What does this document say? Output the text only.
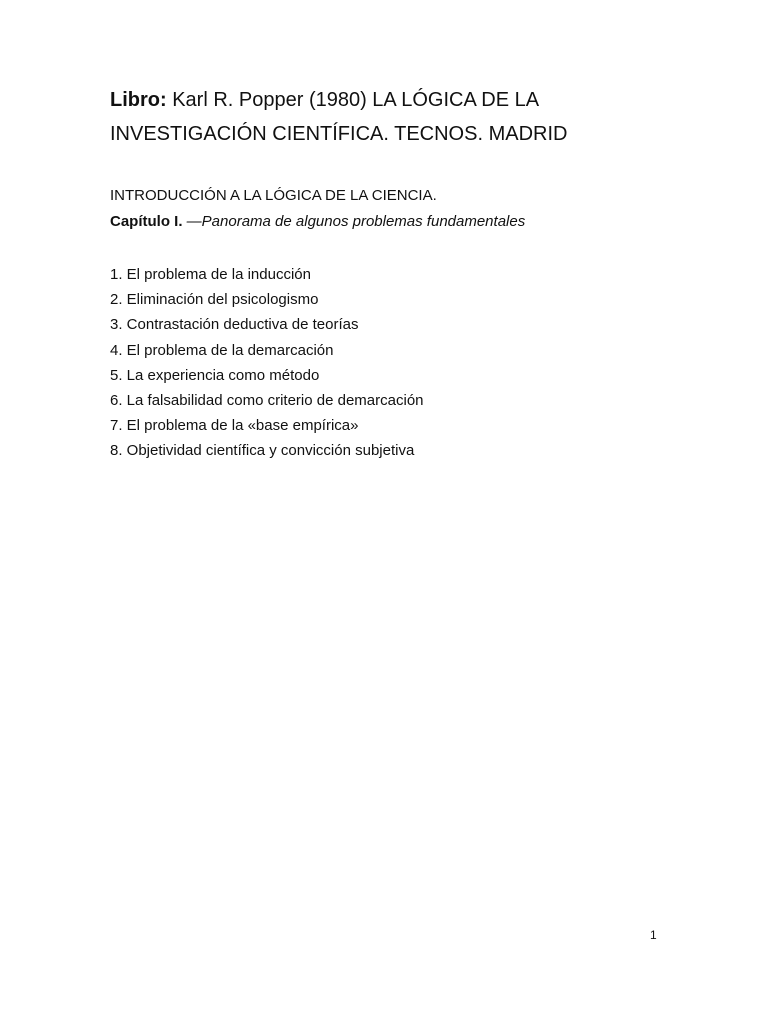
Libro: Karl R. Popper (1980) LA LÓGICA DE LA INVESTIGACIÓN CIENTÍFICA. TECNOS. MADRID

INTRODUCCIÓN A LA LÓGICA DE LA CIENCIA.

Capítulo I. —Panorama de algunos problemas fundamentales

1. El problema de la inducción
2. Eliminación del psicologismo
3. Contrastación deductiva de teorías
4. El problema de la demarcación
5. La experiencia como método
6. La falsabilidad como criterio de demarcación
7. El problema de la «base empírica»
8. Objetividad científica y convicción subjetiva
1
